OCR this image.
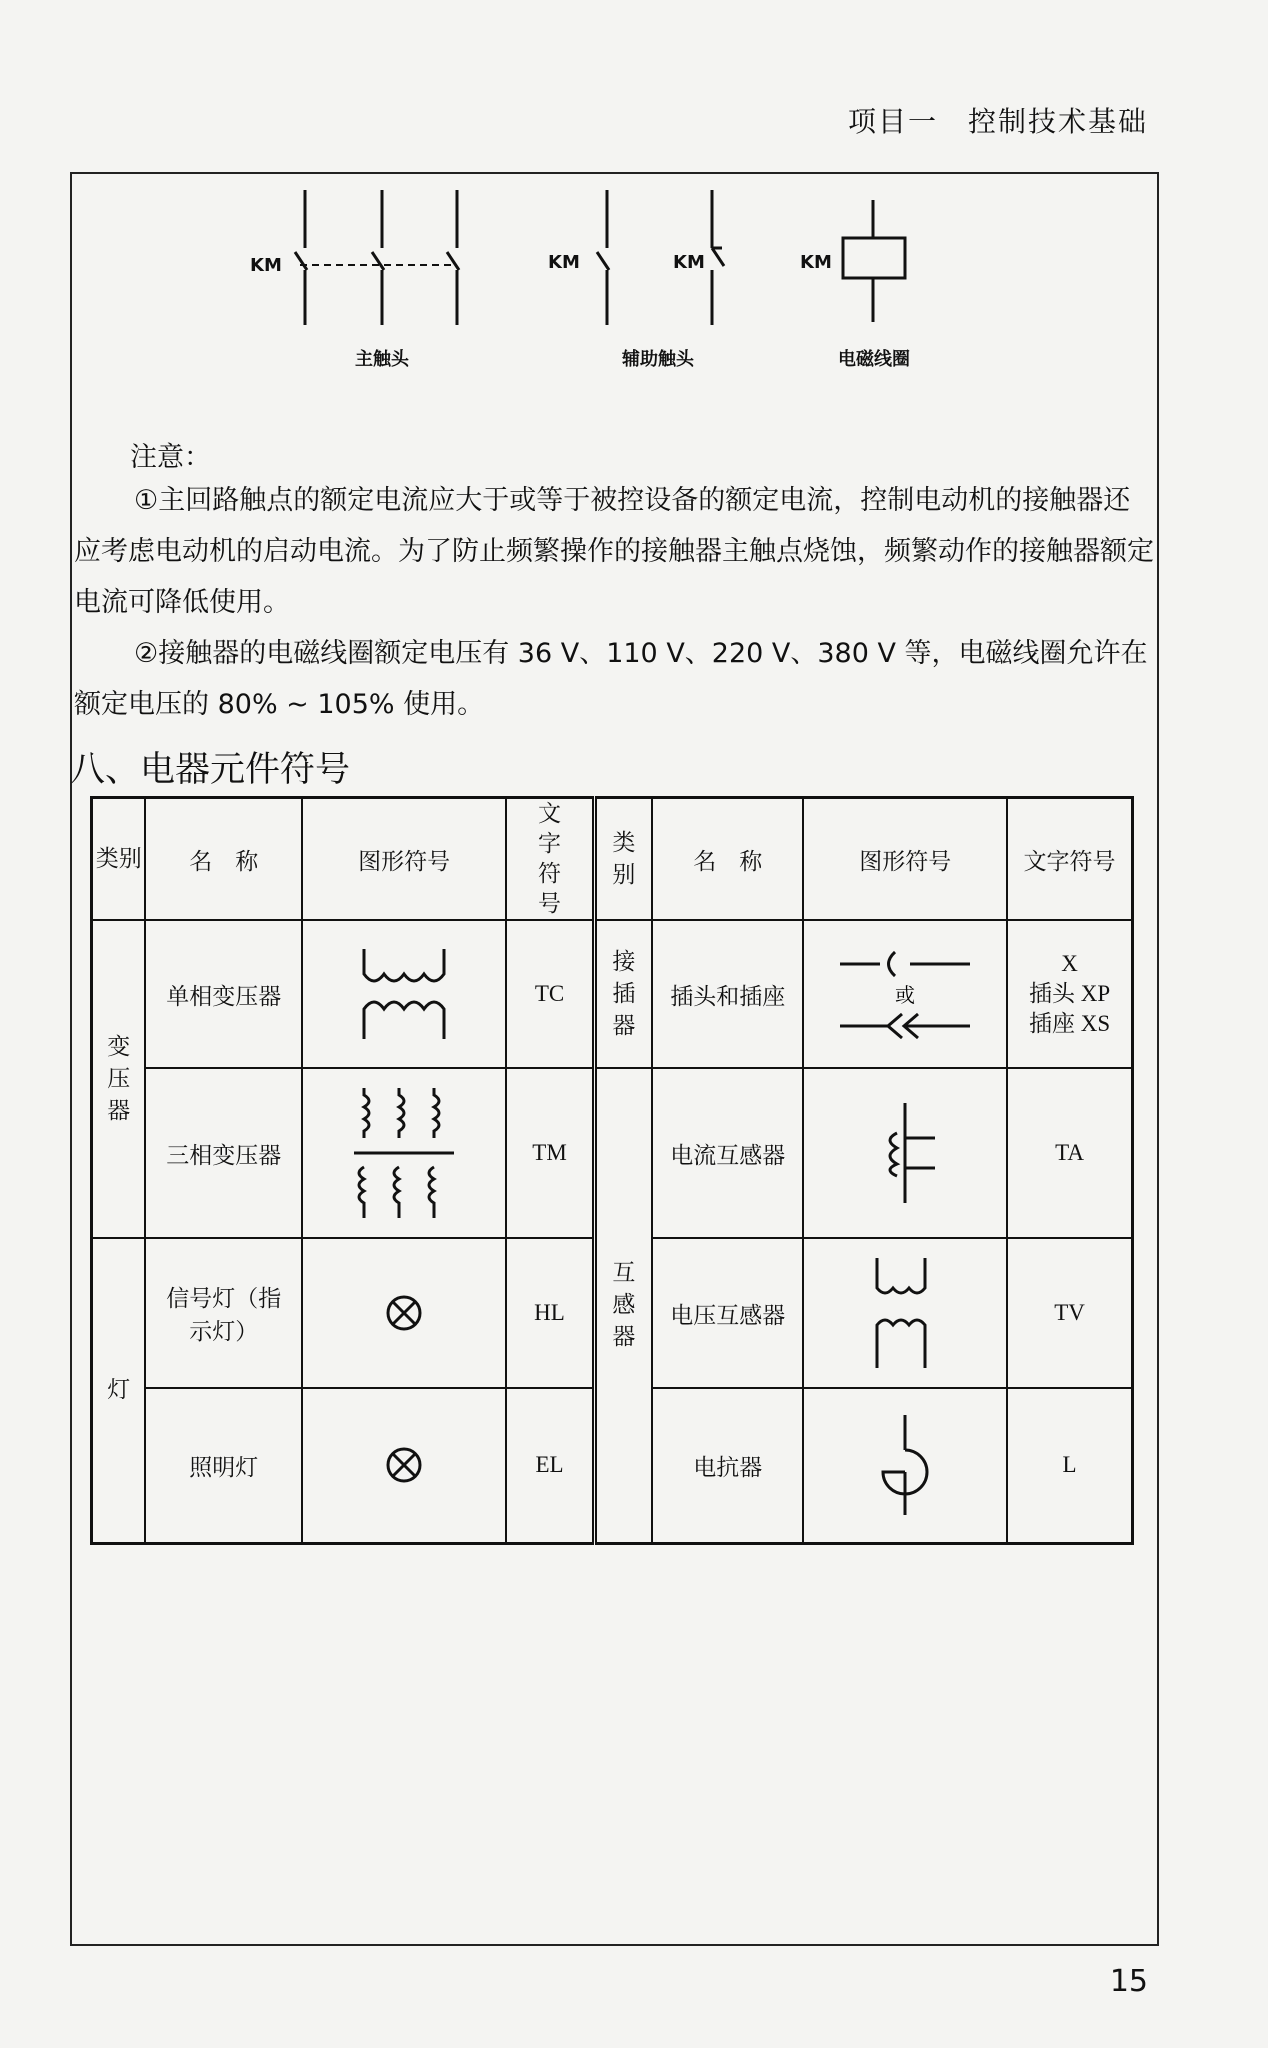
项目一　控制技术基础
KM	KM	KM	KM
主触头	辅助触头	电磁线圈
注意：

①主回路触点的额定电流应大于或等于被控设备的额定电流，控制电动机的接触器还应考虑电动机的启动电流。为了防止频繁操作的接触器主触点烧蚀，频繁动作的接触器额定电流可降低使用。

②接触器的电磁线圈额定电压有 36 V、110 V、220 V、380 V 等，电磁线圈允许在额定电压的 80% ~ 105% 使用。

八、电器元件符号
类别	名　称	图形符号	文字符号	类别	名　称	图形符号	文字符号
变压器	单相变压器		TC	接插器	插头和插座	或	X
插头 XP
插座 XS

	三相变压器		TM	互感器	电流互感器		TA
灯	信号灯（指示灯）		HL		电压互感器		TV
	照明灯		EL		电抗器		L
15
